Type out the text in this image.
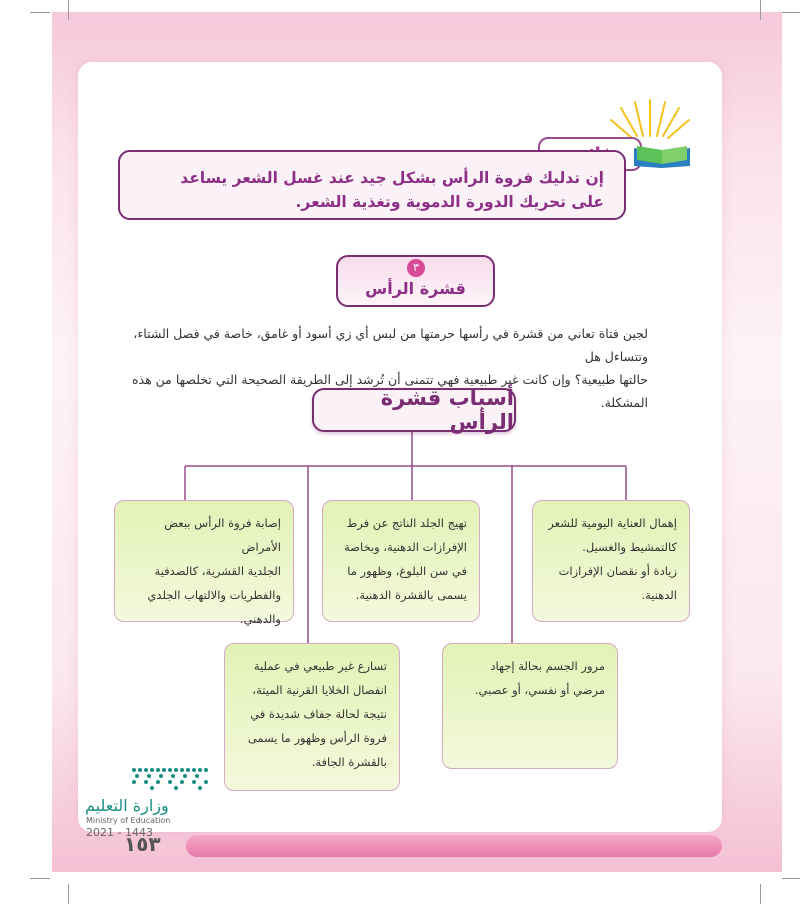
إن تدليك فروة الرأس بشكل جيد عند غسل الشعر يساعد
على تحريك الدورة الدموية وتغذية الشعر.
٣
قشرة الرأس
لجين فتاة تعاني من قشرة في رأسها حرمتها من لبس أي زي أسود أو غامق، خاصة في فصل الشتاء، وتتساءل هل
حالتها طبيعية؟ وإن كانت غير طبيعية فهي تتمنى أن تُرشد إلى الطريقة الصحيحة التي تخلصها من هذه المشكلة.
أسباب قشرة الرأس
إهمال العناية اليومية للشعر
كالتمشيط والغسيل.
زيادة أو نقصان الإفرازات
الدهنية.
تهيج الجلد الناتج عن فرط
الإفرازات الدهنية، وبخاصة
في سن البلوغ، وظهور ما
يسمى بالقشرة الدهنية.
إصابة فروة الرأس ببعض الأمراض
الجلدية القشرية، كالصدفية
والفطريات والالتهاب الجلدي
والدهني.
مرور الجسم بحالة إجهاد
مرضي أو نفسي، أو عصبي.
تسارع غير طبيعي في عملية
انفصال الخلايا القرنية الميتة،
نتيجة لحالة جفاف شديدة في
فروة الرأس وظهور ما يسمى
بالقشرة الجافة.
وزارة التعليم
Ministry of Education
2021 - 1443
١٥٣
